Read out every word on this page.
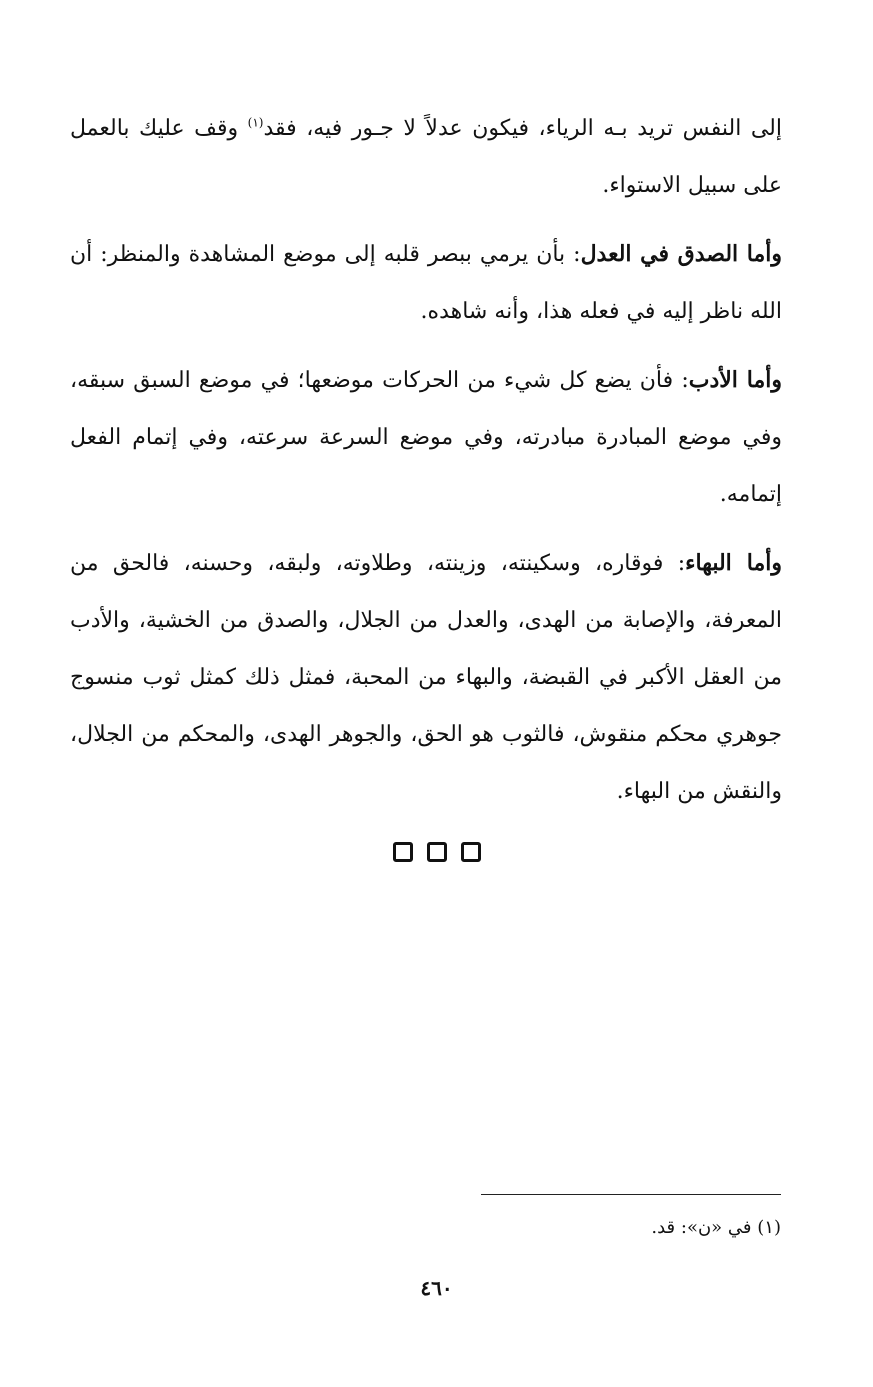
إلى النفس تريد بـه الرياء، فيكون عدلاً لا جـور فيه، فقد$^{(١)}$ وقف عليك بالعمل على سبيل الاستواء.

وأما الصدق في العدل: بأن يرمي ببصر قلبه إلى موضع المشاهدة والمنظر: أن الله ناظر إليه في فعله هذا، وأنه شاهده.

وأما الأدب: فأن يضع كل شيء من الحركات موضعها؛ في موضع السبق سبقه، وفي موضع المبادرة مبادرته، وفي موضع السرعة سرعته، وفي إتمام الفعل إتمامه.

وأما البهاء: فوقاره، وسكينته، وزينته، وطلاوته، ولبقه، وحسنه، فالحق من المعرفة، والإصابة من الهدى، والعدل من الجلال، والصدق من الخشية، والأدب من العقل الأكبر في القبضة، والبهاء من المحبة، فمثل ذلك كمثل ثوب منسوج جوهري محكم منقوش، فالثوب هو الحق، والجوهر الهدى، والمحكم من الجلال، والنقش من البهاء.

(١) في «ن»: قد.
٤٦٠
